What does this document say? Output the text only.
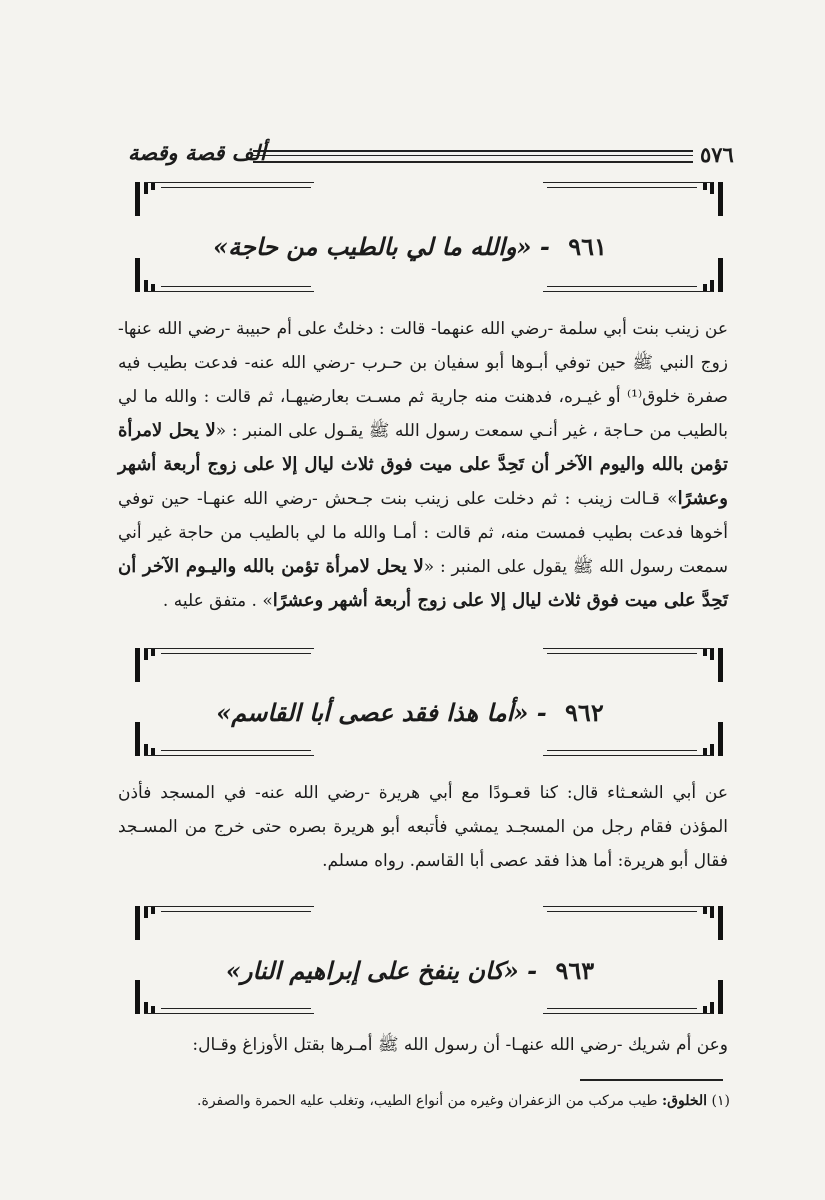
٥٧٦
ألف قصة وقصة
٩٦١ - «والله ما لي بالطيب من حاجة»

عن زينب بنت أبي سلمة -رضي الله عنهما- قالت : دخلتُ على أم حبيبة -رضي الله عنها- زوج النبي ﷺ حين توفي أبـوها أبو سفيان بن حـرب -رضي الله عنه- فدعت بطيب فيه صفرة خلوق⁽¹⁾ أو غيـره، فدهنت منه جارية ثم مسـت بعارضيهـا، ثم قالت : والله ما لي بالطيب من حـاجة ، غير أنـي سمعت رسول الله ﷺ يقـول على المنبر : «لا يحل لامرأة تؤمن بالله واليوم الآخر أن تَحِدَّ على ميت فوق ثلاث ليال إلا على زوج أربعة أشهر وعشرًا» قـالت زينب : ثم دخلت على زينب بنت جـحش -رضي الله عنهـا- حين توفي أخوها فدعت بطيب فمست منه، ثم قالت : أمـا والله ما لي بالطيب من حاجة غير أني سمعت رسول الله ﷺ يقول على المنبر : «لا يحل لامرأة تؤمن بالله واليـوم الآخر أن تَحِدَّ على ميت فوق ثلاث ليال إلا على زوج أربعة أشهر وعشرًا» . متفق عليه .

٩٦٢ - «أما هذا فقد عصى أبا القاسم»

عن أبي الشعـثاء قال: كنا قعـودًا مع أبي هريرة -رضي الله عنه- في المسجد فأذن المؤذن فقام رجل من المسجـد يمشي فأتبعه أبو هريرة بصره حتى خرج من المسـجد فقال أبو هريرة: أما هذا فقد عصى أبا القاسم. رواه مسلم.

٩٦٣ - «كان ينفخ على إبراهيم النار»

وعن أم شريك -رضي الله عنهـا- أن رسول الله ﷺ أمـرها بقتل الأوزاغ وقـال:

(١) الخلوق: طيب مركب من الزعفران وغيره من أنواع الطيب، وتغلب عليه الحمرة والصفرة.
